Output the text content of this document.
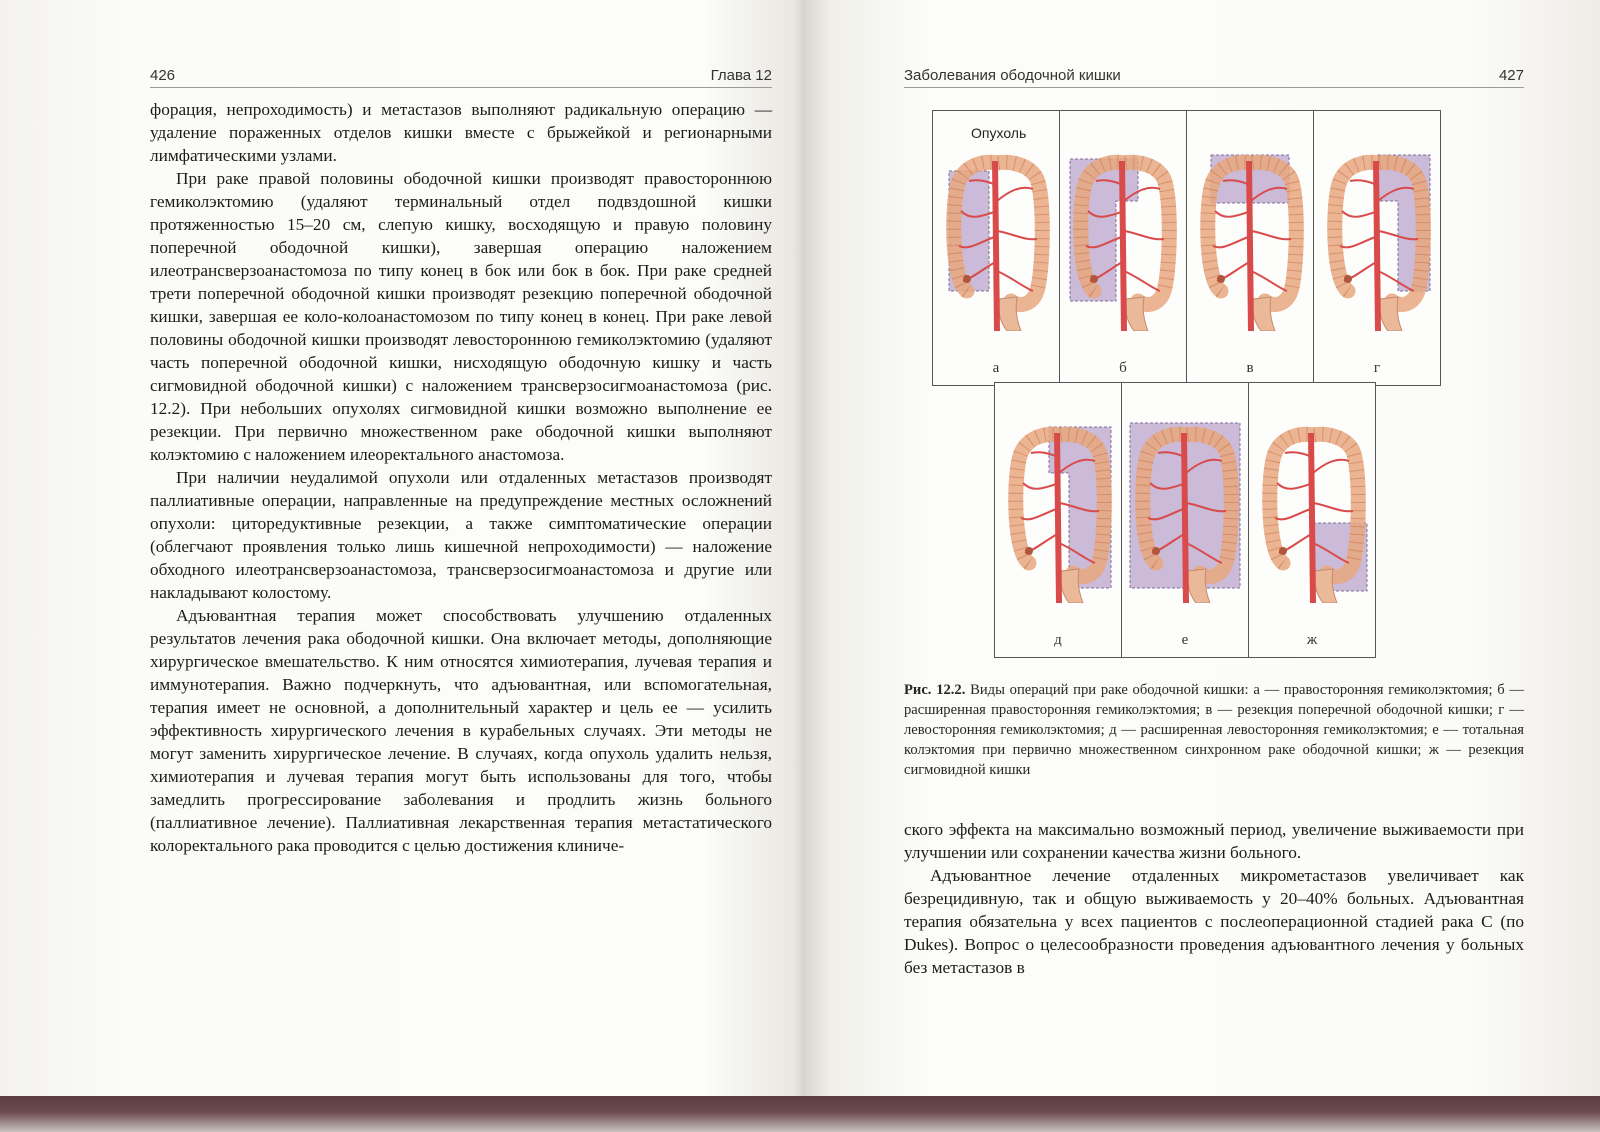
426	Глава 12

форация, непроходимость) и метастазов выполняют радикальную операцию — удаление пораженных отделов кишки вместе с брыжейкой и регионарными лимфатическими узлами.

При раке правой половины ободочной кишки производят правостороннюю гемиколэктомию (удаляют терминальный отдел подвздошной кишки протяженностью 15–20 см, слепую кишку, восходящую и правую половину поперечной ободочной кишки), завершая операцию наложением илеотрансверзоанастомоза по типу конец в бок или бок в бок. При раке средней трети поперечной ободочной кишки производят резекцию поперечной ободочной кишки, завершая ее коло-колоанастомозом по типу конец в конец. При раке левой половины ободочной кишки производят левостороннюю гемиколэктомию (удаляют часть поперечной ободочной кишки, нисходящую ободочную кишку и часть сигмовидной ободочной кишки) с наложением трансверзосигмоанастомоза (рис. 12.2). При небольших опухолях сигмовидной кишки возможно выполнение ее резекции. При первично множественном раке ободочной кишки выполняют колэктомию с наложением илеоректального анастомоза.

При наличии неудалимой опухоли или отдаленных метастазов производят паллиативные операции, направленные на предупреждение местных осложнений опухоли: циторедуктивные резекции, а также симптоматические операции (облегчают проявления только лишь кишечной непроходимости) — наложение обходного илеотрансверзоанастомоза, трансверзосигмоанастомоза и другие или накладывают колостому.

Адъювантная терапия может способствовать улучшению отдаленных результатов лечения рака ободочной кишки. Она включает методы, дополняющие хирургическое вмешательство. К ним относятся химиотерапия, лучевая терапия и иммунотерапия. Важно подчеркнуть, что адъювантная, или вспомогательная, терапия имеет не основной, а дополнительный характер и цель ее — усилить эффективность хирургического лечения в курабельных случаях. Эти методы не могут заменить хирургическое лечение. В случаях, когда опухоль удалить нельзя, химиотерапия и лучевая терапия могут быть использованы для того, чтобы замедлить прогрессирование заболевания и продлить жизнь больного (паллиативное лечение). Паллиативная лекарственная терапия метастатического колоректального рака проводится с целью достижения клиниче-

Заболевания ободочной кишки	427
Опухоль
а	б	в	г
д	е	ж
Рис. 12.2. Виды операций при раке ободочной кишки: а — правосторонняя гемиколэктомия; б — расширенная правосторонняя гемиколэктомия; в — резекция поперечной ободочной кишки; г — левосторонняя гемиколэктомия; д — расширенная левосторонняя гемиколэктомия; е — тотальная колэктомия при первично множественном синхронном раке ободочной кишки; ж — резекция сигмовидной кишки

ского эффекта на максимально возможный период, увеличение выживаемости при улучшении или сохранении качества жизни больного.

Адъювантное лечение отдаленных микрометастазов увеличивает как безрецидивную, так и общую выживаемость у 20–40% больных. Адъювантная терапия обязательна у всех пациентов с послеоперационной стадией рака С (по Dukes). Вопрос о целесообразности проведения адъювантного лечения у больных без метастазов в
